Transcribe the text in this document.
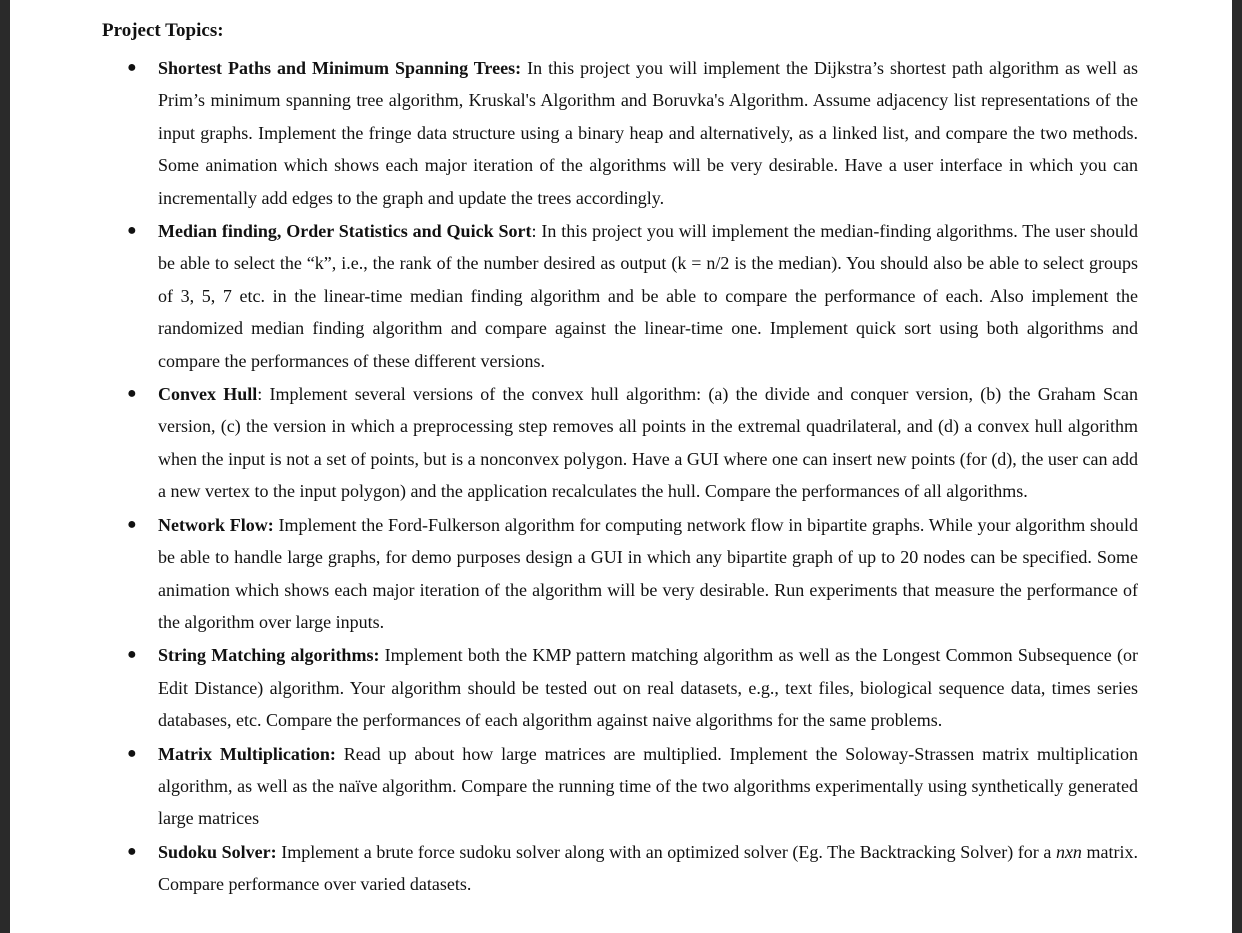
Project Topics:
● Shortest Paths and Minimum Spanning Trees: In this project you will implement the Dijkstra’s shortest path algorithm as well as Prim’s minimum spanning tree algorithm, Kruskal's Algorithm and Boruvka's Algorithm. Assume adjacency list representations of the input graphs. Implement the fringe data structure using a binary heap and alternatively, as a linked list, and compare the two methods. Some animation which shows each major iteration of the algorithms will be very desirable. Have a user interface in which you can incrementally add edges to the graph and update the trees accordingly.
● Median finding, Order Statistics and Quick Sort: In this project you will implement the median-finding algorithms. The user should be able to select the “k”, i.e., the rank of the number desired as output (k = n/2 is the median). You should also be able to select groups of 3, 5, 7 etc. in the linear-time median finding algorithm and be able to compare the performance of each. Also implement the randomized median finding algorithm and compare against the linear-time one. Implement quick sort using both algorithms and compare the performances of these different versions.
● Convex Hull: Implement several versions of the convex hull algorithm: (a) the divide and conquer version, (b) the Graham Scan version, (c) the version in which a preprocessing step removes all points in the extremal quadrilateral, and (d) a convex hull algorithm when the input is not a set of points, but is a nonconvex polygon. Have a GUI where one can insert new points (for (d), the user can add a new vertex to the input polygon) and the application recalculates the hull. Compare the performances of all algorithms.
● Network Flow: Implement the Ford-Fulkerson algorithm for computing network flow in bipartite graphs. While your algorithm should be able to handle large graphs, for demo purposes design a GUI in which any bipartite graph of up to 20 nodes can be specified. Some animation which shows each major iteration of the algorithm will be very desirable. Run experiments that measure the performance of the algorithm over large inputs.
● String Matching algorithms: Implement both the KMP pattern matching algorithm as well as the Longest Common Subsequence (or Edit Distance) algorithm. Your algorithm should be tested out on real datasets, e.g., text files, biological sequence data, times series databases, etc. Compare the performances of each algorithm against naive algorithms for the same problems.
● Matrix Multiplication: Read up about how large matrices are multiplied. Implement the Soloway-Strassen matrix multiplication algorithm, as well as the naïve algorithm. Compare the running time of the two algorithms experimentally using synthetically generated large matrices
● Sudoku Solver: Implement a brute force sudoku solver along with an optimized solver (Eg. The Backtracking Solver) for a nxn matrix. Compare performance over varied datasets.
